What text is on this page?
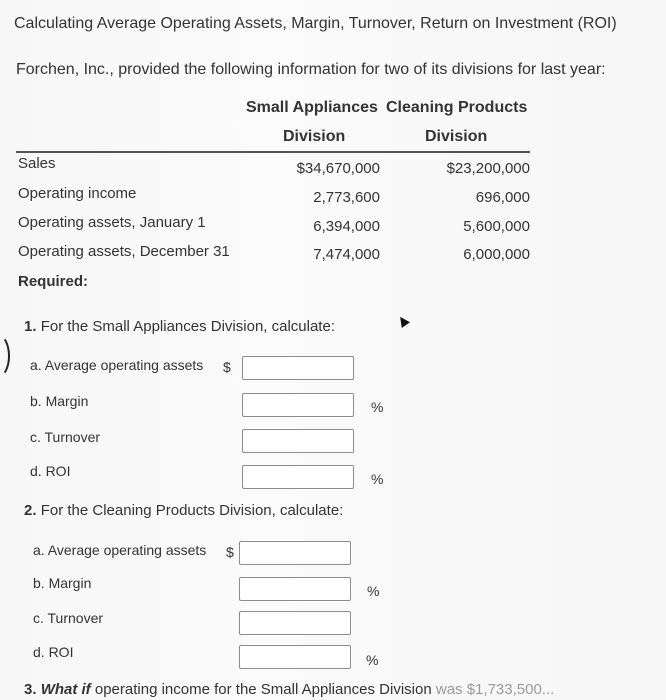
Calculating Average Operating Assets, Margin, Turnover, Return on Investment (ROI)
Forchen, Inc., provided the following information for two of its divisions for last year:
Small Appliances Cleaning Products
Division	Division
Sales	$34,670,000	$23,200,000
Operating income	2,773,600	696,000
Operating assets, January 1	6,394,000	5,600,000
Operating assets, December 31	7,474,000	6,000,000
Required:
1. For the Small Appliances Division, calculate:
a. Average operating assets $
b. Margin	%
c. Turnover
d. ROI	%
2. For the Cleaning Products Division, calculate:
a. Average operating assets $
b. Margin	%
c. Turnover
d. ROI	%
3. What if operating income for the Small Appliances Division was $1,733,500...
